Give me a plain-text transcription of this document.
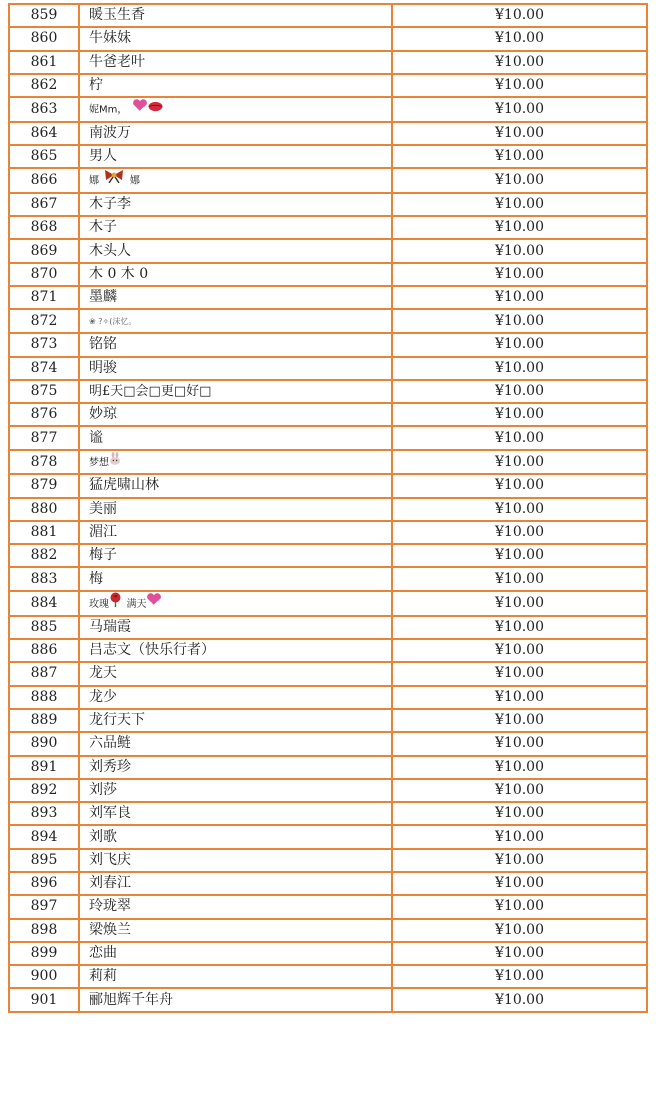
859	暖玉生香	¥10.00
860	牛妹妹	¥10.00
861	牛爸老叶	¥10.00
862	柠	¥10.00
863	妮Mm，	¥10.00
864	南波万	¥10.00
865	男人	¥10.00
866	娜 娜	¥10.00
867	木子李	¥10.00
868	木子	¥10.00
869	木头人	¥10.00
870	木 0 木 0	¥10.00
871	墨麟	¥10.00
872	❀ ?✧(沫忆。	¥10.00
873	铭铭	¥10.00
874	明骏	¥10.00
875	明£天□会□更□好□	¥10.00
876	妙琼	¥10.00
877	谧	¥10.00
878	梦想	¥10.00
879	猛虎啸山林	¥10.00
880	美丽	¥10.00
881	湄江	¥10.00
882	梅子	¥10.00
883	梅	¥10.00
884	玫瑰 满天	¥10.00
885	马瑞霞	¥10.00
886	吕志文（快乐行者）	¥10.00
887	龙天	¥10.00
888	龙少	¥10.00
889	龙行天下	¥10.00
890	六品鲢	¥10.00
891	刘秀珍	¥10.00
892	刘莎	¥10.00
893	刘军良	¥10.00
894	刘歌	¥10.00
895	刘飞庆	¥10.00
896	刘春江	¥10.00
897	玲珑翠	¥10.00
898	梁焕兰	¥10.00
899	恋曲	¥10.00
900	莉莉	¥10.00
901	郦旭辉千年舟	¥10.00
